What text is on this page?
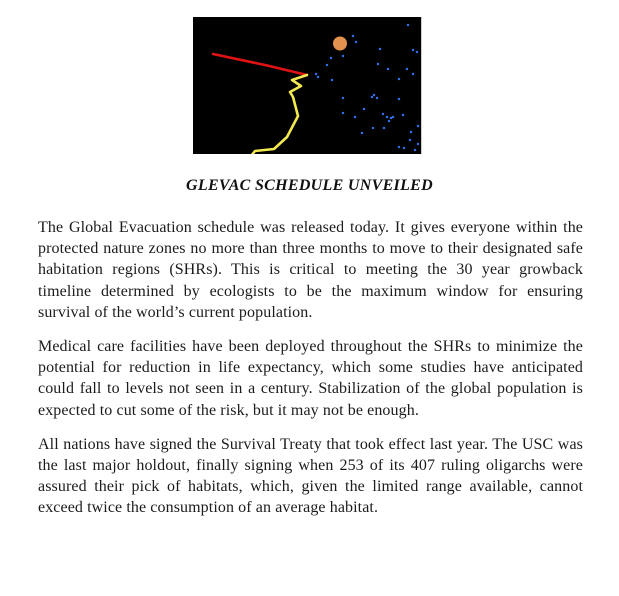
GLEVAC SCHEDULE UNVEILED

The Global Evacuation schedule was released today. It gives everyone within the protected nature zones no more than three months to move to their designated safe habitation regions (SHRs). This is critical to meeting the 30 year growback timeline determined by ecologists to be the maximum window for ensuring survival of the world’s current population.

Medical care facilities have been deployed throughout the SHRs to minimize the potential for reduction in life expectancy, which some studies have anticipated could fall to levels not seen in a century. Stabilization of the global population is expected to cut some of the risk, but it may not be enough.

All nations have signed the Survival Treaty that took effect last year. The USC was the last major holdout, finally signing when 253 of its 407 ruling oligarchs were assured their pick of habitats, which, given the limited range available, cannot exceed twice the consumption of an average habitat.
